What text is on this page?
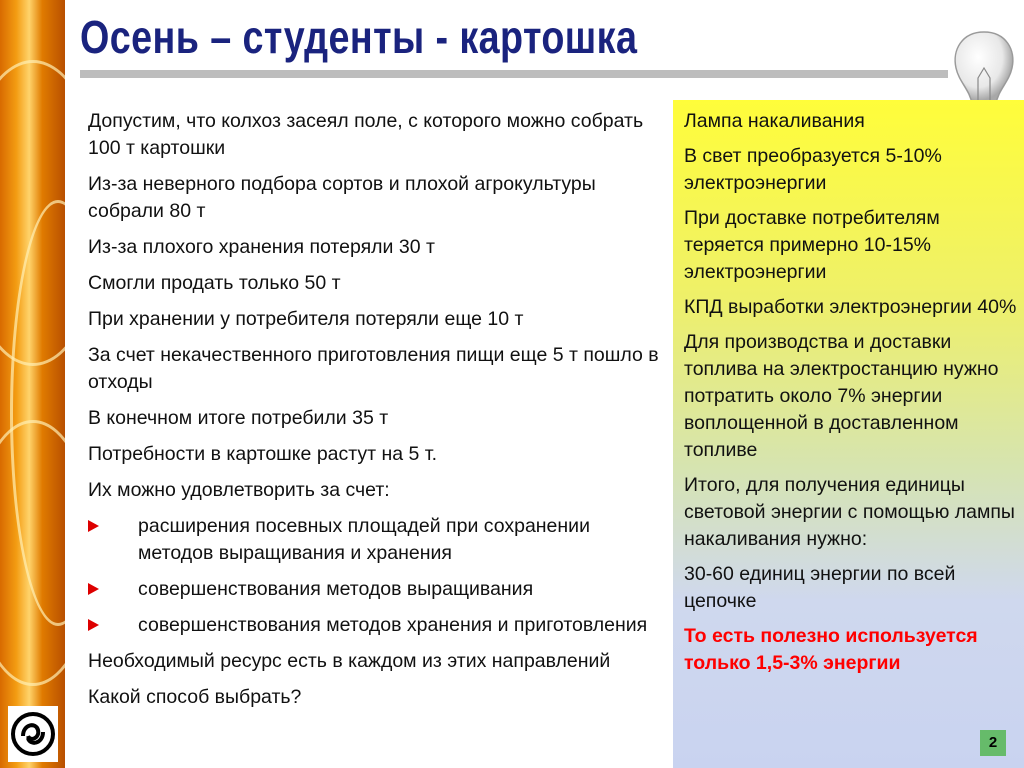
Осень – студенты - картошка
Допустим, что колхоз засеял поле, с которого можно собрать 100 т картошки
Из-за неверного подбора сортов и плохой агрокультуры собрали 80 т
Из-за плохого хранения потеряли 30 т
Смогли продать только 50 т
При хранении у потребителя потеряли еще 10 т
За счет некачественного приготовления пищи еще 5 т пошло в отходы
В конечном итоге потребили 35 т
Потребности в картошке растут на 5 т.
Их можно удовлетворить за счет:
расширения посевных площадей при сохранении методов выращивания и хранения
совершенствования методов выращивания
совершенствования методов хранения и приготовления
Необходимый ресурс есть в каждом из этих направлений
Какой способ выбрать?
Лампа накаливания
В свет преобразуется 5-10% электроэнергии
При доставке потребителям теряется примерно 10-15% электроэнергии
КПД выработки электроэнергии 40%
Для производства и доставки топлива на электростанцию нужно потратить около 7% энергии воплощенной в доставленном топливе
Итого, для получения единицы световой энергии с помощью лампы накаливания нужно:
30-60 единиц энергии по всей цепочке
То есть полезно используется только 1,5-3% энергии
2
